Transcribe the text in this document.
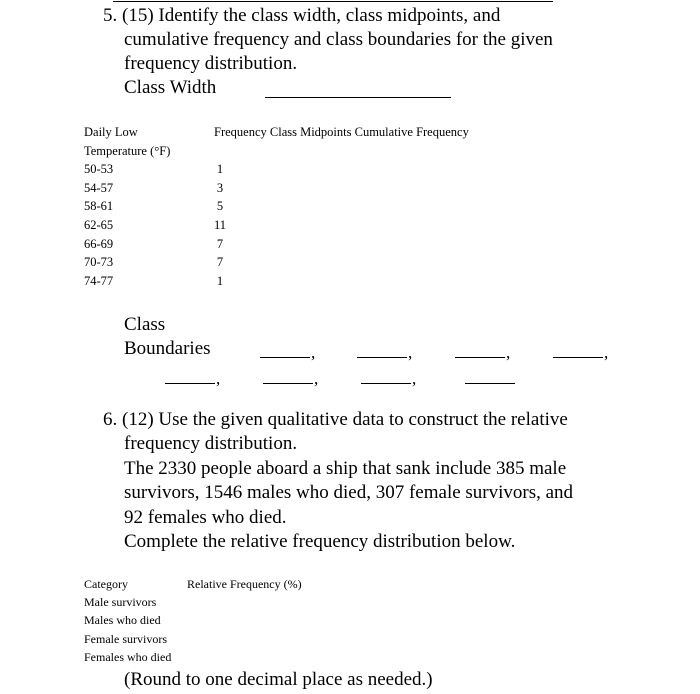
5. (15) Identify the class width, class midpoints, and
cumulative frequency and class boundaries for the given
frequency distribution.
Class Width
Daily Low	Frequency Class Midpoints Cumulative Frequency
Temperature (°F)	
50-53	1

54-57	3

58-61	5

62-65	11

66-69	7

70-73	7

74-77	1
Class
Boundaries	,	,	,	,
,	,	,
6. (12) Use the given qualitative data to construct the relative
frequency distribution.
The 2330 people aboard a ship that sank include 385 male
survivors, 1546 males who died, 307 female survivors, and
92 females who died.
Complete the relative frequency distribution below.
Category	Relative Frequency (%)
Male survivors
Males who died
Female survivors
Females who died
(Round to one decimal place as needed.)
